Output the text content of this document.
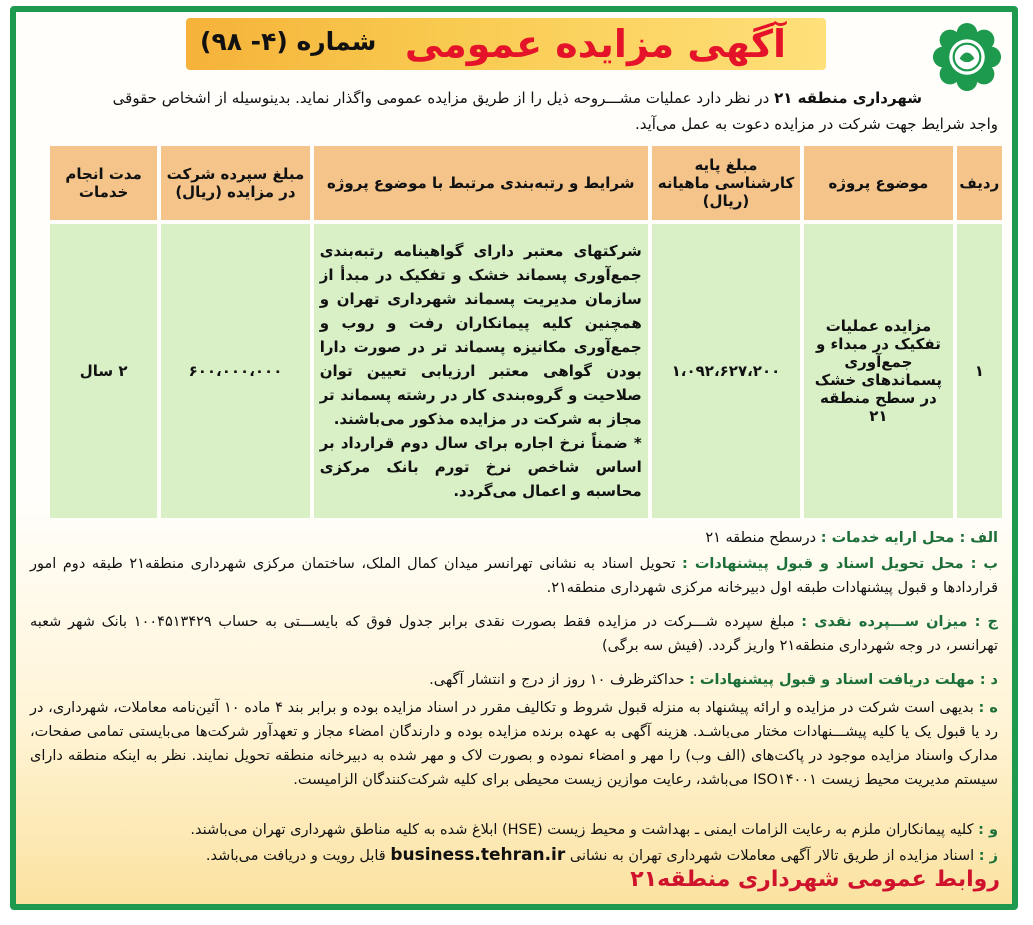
آگهی مزایده عمومی
شماره (۴- ۹۸)
شهرداری منطقه ۲۱ در نظر دارد عملیات مشـــروحه ذیل را از طریق مزایده عمومی واگذار نماید. بدینوسیله از اشخاص حقوقی
واجد شرایط جهت شرکت در مزایده دعوت به عمل می‌آید.
ردیف	موضوع پروژه	مبلغ پایه کارشناسی ماهیانه (ریال)	شرایط و رتبه‌بندی مرتبط با موضوع پروژه	مبلغ سپرده شرکت در مزایده (ریال)	مدت انجام خدمات
۱	مزایده عملیات تفکیک در مبداء و جمع‌آوری پسماندهای خشک در سطح منطقه ۲۱	۱،۰۹۲،۶۲۷،۲۰۰	شرکتهای معتبر دارای گواهینامه رتبه‌بندی جمع‌آوری پسماند خشک و تفکیک در مبدأ از سازمان مدیریت پسماند شهرداری تهران و همچنین کلیه پیمانکاران رفت و روب و جمع‌آوری مکانیزه پسماند تر در صورت دارا بودن گواهی معتبر ارزیابی تعیین توان صلاحیت و گروه‌بندی کار در رشته پسماند تر مجاز به شرکت در مزایده مذکور می‌باشند.
* ضمناً نرخ اجاره برای سال دوم قرارداد بر اساس شاخص نرخ تورم بانک مرکزی محاسبه و اعمال می‌گردد.	۶۰۰،۰۰۰،۰۰۰	۲ سال
الف : محل ارایه خدمات : درسطح منطقه ۲۱
ب : محل تحویل اسناد و قبول پیشنهادات : تحویل اسناد به نشانی تهرانسر میدان کمال الملک، ساختمان مرکزی شهرداری منطقه۲۱ طبقه دوم امور قراردادها و قبول پیشنهادات طبقه اول دبیرخانه مرکزی شهرداری منطقه۲۱.
ج : میزان ســـپرده نقدی : مبلغ سپرده شـــرکت در مزایده فقط بصورت نقدی برابر جدول فوق که بایســـتی به حساب ۱۰۰۴۵۱۳۴۲۹ بانک شهر شعبه تهرانسر، در وجه شهرداری منطقه۲۱ واریز گردد. (فیش سه برگی)
د : مهلت دریافت اسناد و قبول پیشنهادات : حداکثرظرف ۱۰ روز از درج و انتشار آگهی.
ه : بدیهی است شرکت در مزایده و ارائه پیشنهاد به منزله قبول شروط و تکالیف مقرر در اسناد مزایده بوده و برابر بند ۴ ماده ۱۰ آئین‌نامه معاملات، شهرداری، در رد یا قبول یک یا کلیه پیشـــنهادات مختار می‌باشـد. هزینه آگهی به عهده برنده مزایده بوده و دارندگان امضاء مجاز و تعهدآور شرکت‌ها می‌بایستی تمامی صفحات، مدارک واسناد مزایده موجود در پاکت‌های (الف وب) را مهر و امضاء نموده و بصورت لاک و مهر شده به دبیرخانه منطقه تحویل نمایند. نظر به اینکه منطقه دارای سیستم مدیریت محیط زیست ISO۱۴۰۰۱ می‌باشد، رعایت موازین زیست محیطی برای کلیه شرکت‌کنندگان الزامیست.
و : کلیه پیمانکاران ملزم به رعایت الزامات ایمنی ـ بهداشت و محیط زیست (HSE) ابلاغ شده به کلیه مناطق شهرداری تهران می‌باشند.
ز : اسناد مزایده از طریق تالار آگهی معاملات شهرداری تهران به نشانی business.tehran.ir قابل رویت و دریافت می‌باشد.
روابط عمومی شهرداری منطقه۲۱
